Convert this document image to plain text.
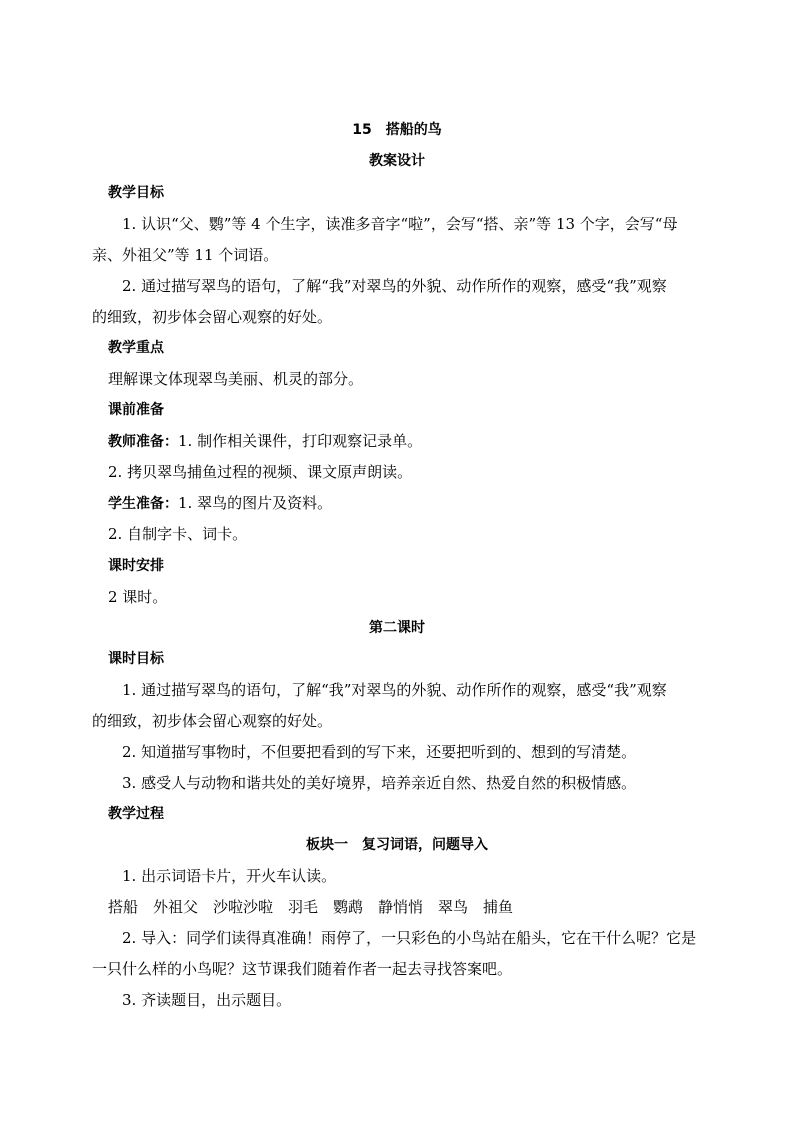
15　搭船的鸟
教案设计
教学目标
1. 认识“父、鹦”等 4 个生字，读准多音字“啦”，会写“搭、亲”等 13 个字，会写“母
亲、外祖父”等 11 个词语。
2. 通过描写翠鸟的语句，了解“我”对翠鸟的外貌、动作所作的观察，感受“我”观察
的细致，初步体会留心观察的好处。
教学重点
理解课文体现翠鸟美丽、机灵的部分。
课前准备
教师准备：1. 制作相关课件，打印观察记录单。
2. 拷贝翠鸟捕鱼过程的视频、课文原声朗读。
学生准备：1. 翠鸟的图片及资料。
2. 自制字卡、词卡。
课时安排
2 课时。
第二课时
课时目标
1. 通过描写翠鸟的语句，了解“我”对翠鸟的外貌、动作所作的观察，感受“我”观察
的细致，初步体会留心观察的好处。
2. 知道描写事物时，不但要把看到的写下来，还要把听到的、想到的写清楚。
3. 感受人与动物和谐共处的美好境界，培养亲近自然、热爱自然的积极情感。
教学过程
板块一　复习词语，问题导入
1. 出示词语卡片，开火车认读。
搭船　外祖父　沙啦沙啦　羽毛　鹦鹉　静悄悄　翠鸟　捕鱼
2. 导入：同学们读得真准确！雨停了，一只彩色的小鸟站在船头，它在干什么呢？它是
一只什么样的小鸟呢？这节课我们随着作者一起去寻找答案吧。
3. 齐读题目，出示题目。
